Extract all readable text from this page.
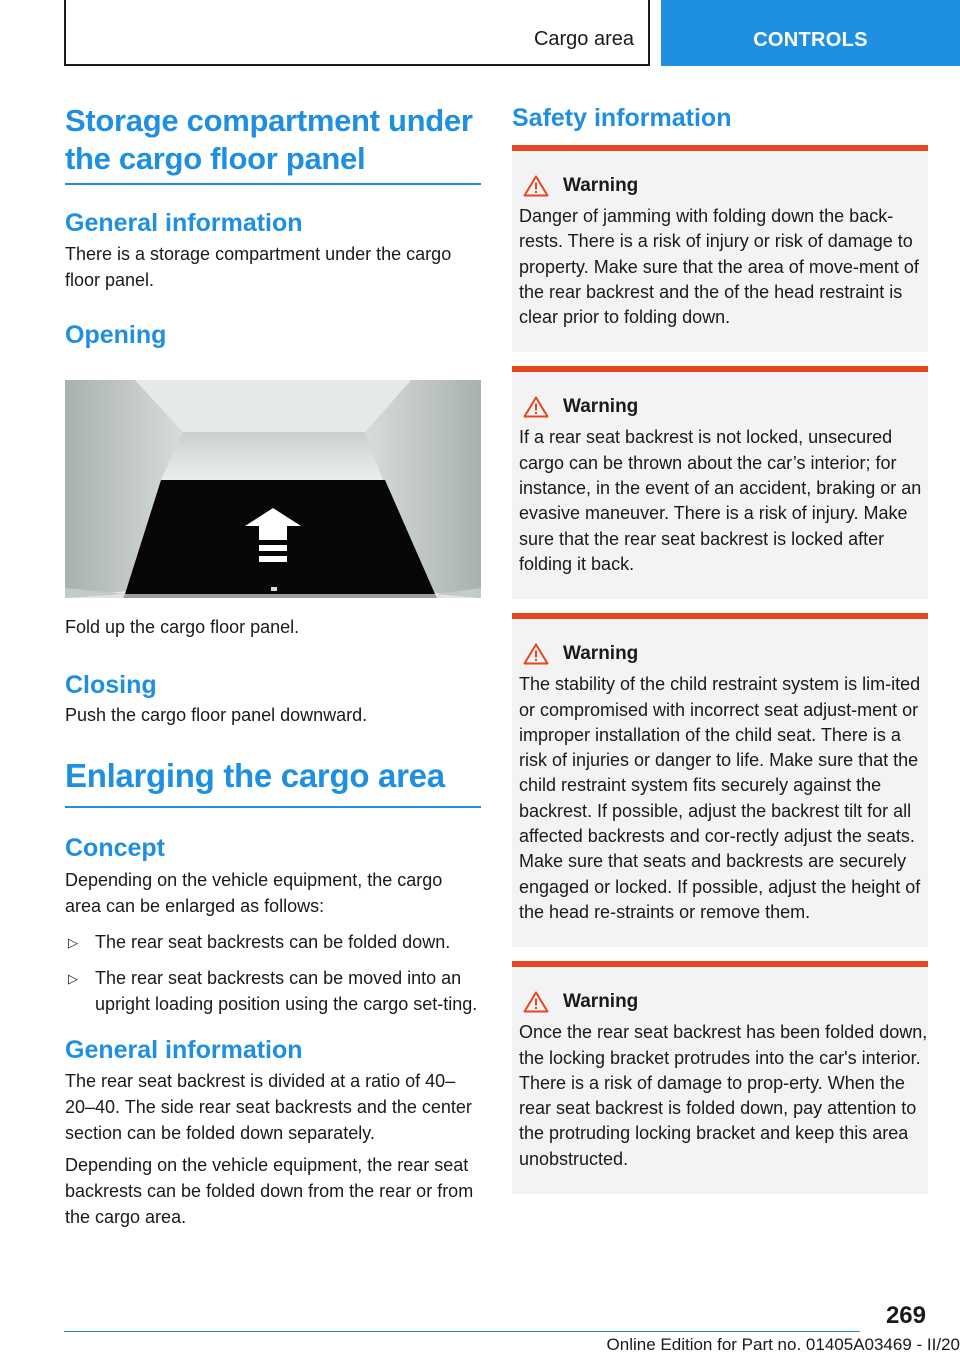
Cargo area	CONTROLS
Storage compartment under the cargo floor panel
General information

There is a storage compartment under the cargo floor panel.

Opening

Fold up the cargo floor panel.

Closing

Push the cargo floor panel downward.

Enlarging the cargo area
Concept

Depending on the vehicle equipment, the cargo area can be enlarged as follows:

▷ The rear seat backrests can be folded down.
▷ The rear seat backrests can be moved into an upright loading position using the cargo set-ting.
General information

The rear seat backrest is divided at a ratio of 40–20–40. The side rear seat backrests and the center section can be folded down separately.

Depending on the vehicle equipment, the rear seat backrests can be folded down from the rear or from the cargo area.

Safety information
Warning

Danger of jamming with folding down the back-rests. There is a risk of injury or risk of damage to property. Make sure that the area of move-ment of the rear backrest and the of the head restraint is clear prior to folding down.

Warning

If a rear seat backrest is not locked, unsecured cargo can be thrown about the car’s interior; for instance, in the event of an accident, braking or an evasive maneuver. There is a risk of injury. Make sure that the rear seat backrest is locked after folding it back.

Warning

The stability of the child restraint system is lim-ited or compromised with incorrect seat adjust-ment or improper installation of the child seat. There is a risk of injuries or danger to life. Make sure that the child restraint system fits securely against the backrest. If possible, adjust the backrest tilt for all affected backrests and cor-rectly adjust the seats. Make sure that seats and backrests are securely engaged or locked. If possible, adjust the height of the head re-straints or remove them.

Warning

Once the rear seat backrest has been folded down, the locking bracket protrudes into the car's interior. There is a risk of damage to prop-erty. When the rear seat backrest is folded down, pay attention to the protruding locking bracket and keep this area unobstructed.

269
Online Edition for Part no. 01405A03469 - II/20
